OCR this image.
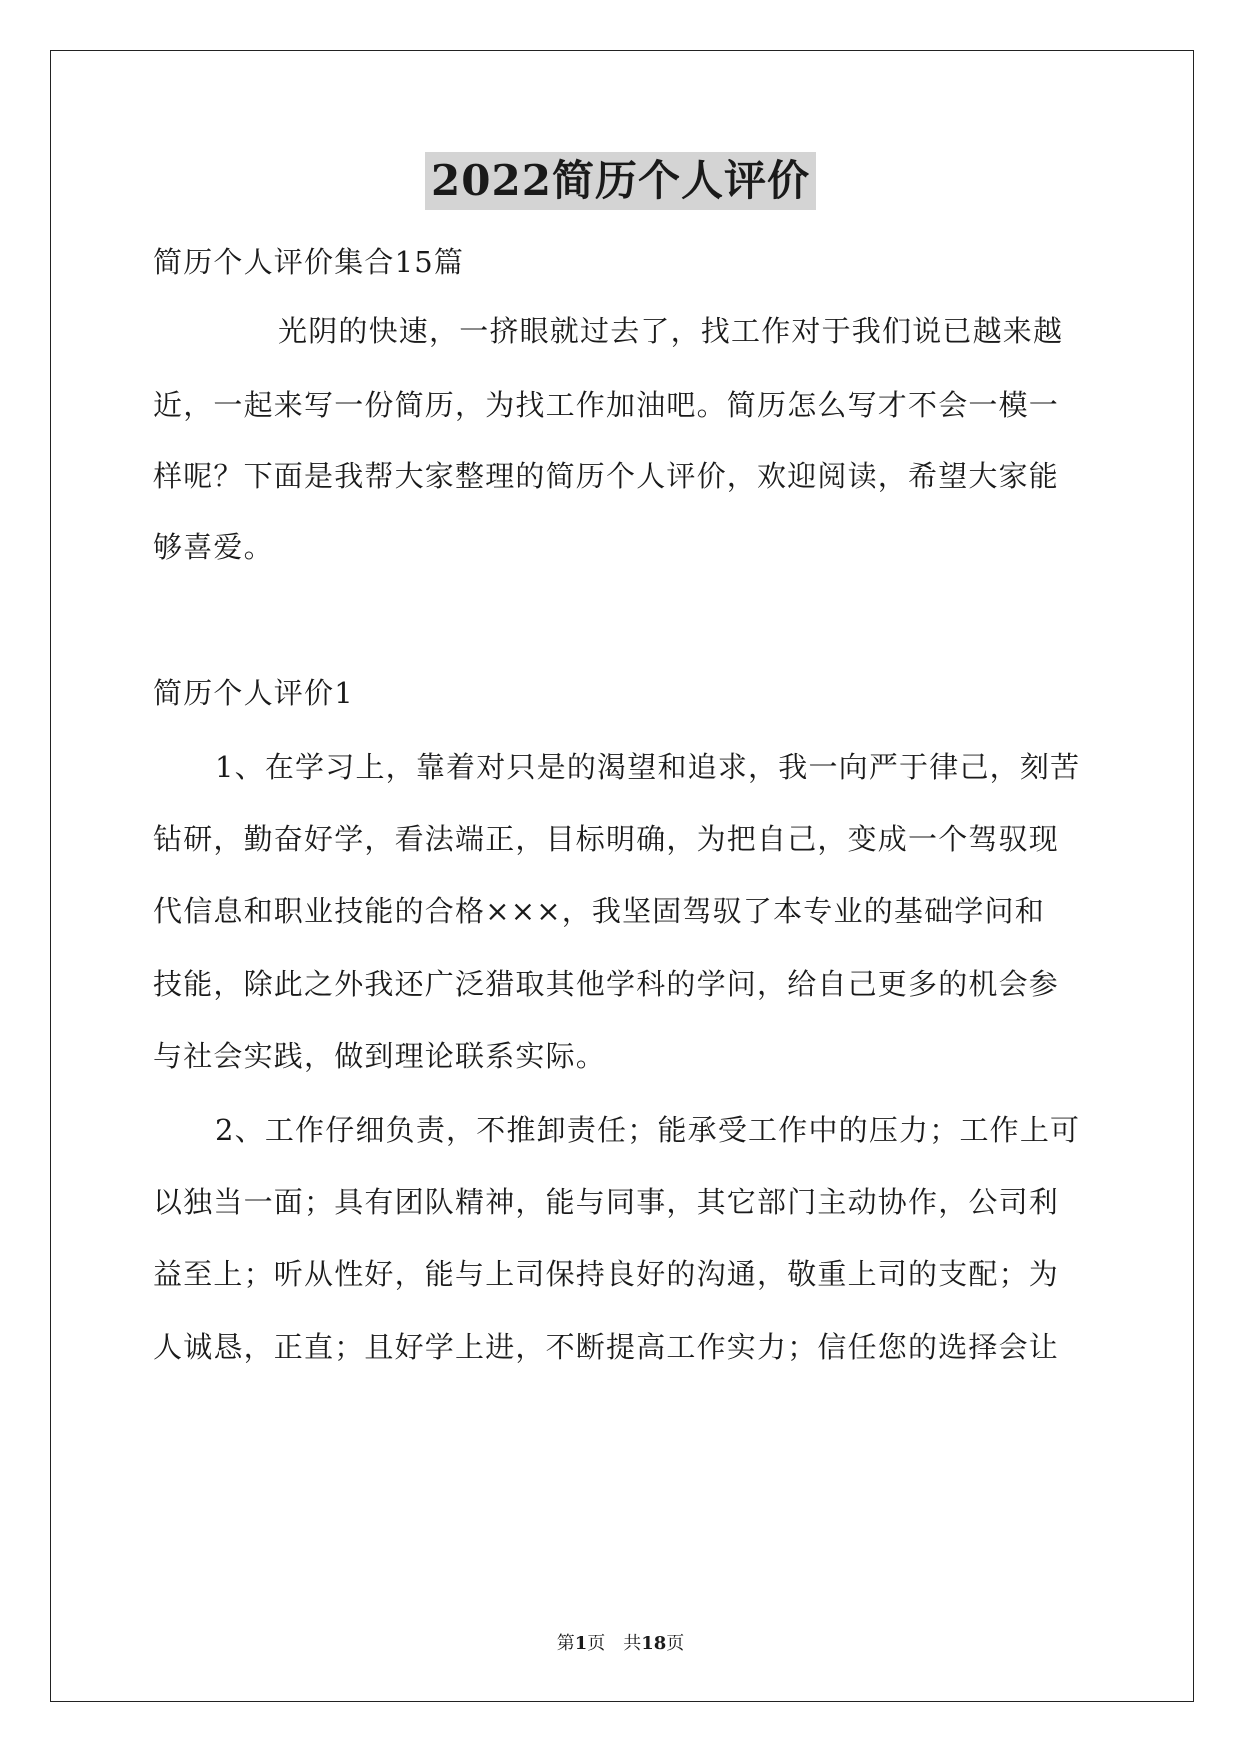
2022简历个人评价
简历个人评价集合15篇
光阴的快速，一挤眼就过去了，找工作对于我们说已越来越
近，一起来写一份简历，为找工作加油吧。简历怎么写才不会一模一
样呢？下面是我帮大家整理的简历个人评价，欢迎阅读，希望大家能
够喜爱。
简历个人评价1
1、在学习上，靠着对只是的渴望和追求，我一向严于律己，刻苦
钻研，勤奋好学，看法端正，目标明确，为把自己，变成一个驾驭现
代信息和职业技能的合格×××，我坚固驾驭了本专业的基础学问和
技能，除此之外我还广泛猎取其他学科的学问，给自己更多的机会参
与社会实践，做到理论联系实际。
2、工作仔细负责，不推卸责任；能承受工作中的压力；工作上可
以独当一面；具有团队精神，能与同事，其它部门主动协作，公司利
益至上；听从性好，能与上司保持良好的沟通，敬重上司的支配；为
人诚恳，正直；且好学上进，不断提高工作实力；信任您的选择会让
第1页　共18页
